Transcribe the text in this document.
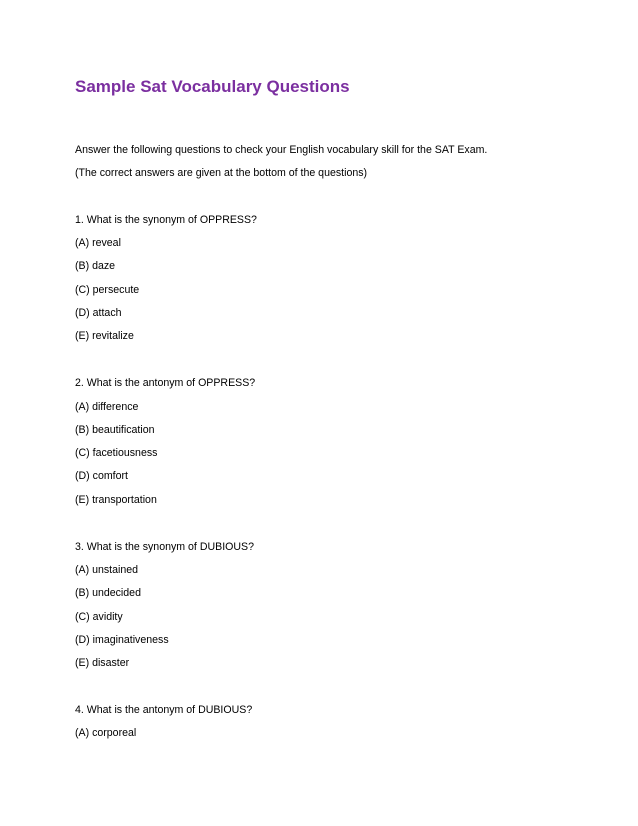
Sample Sat Vocabulary Questions
Answer the following questions to check your English vocabulary skill for the SAT Exam.
(The correct answers are given at the bottom of the questions)
1. What is the synonym of OPPRESS?
(A) reveal
(B) daze
(C) persecute
(D) attach
(E) revitalize
2. What is the antonym of OPPRESS?
(A) difference
(B) beautification
(C) facetiousness
(D) comfort
(E) transportation
3. What is the synonym of DUBIOUS?
(A) unstained
(B) undecided
(C) avidity
(D) imaginativeness
(E) disaster
4. What is the antonym of DUBIOUS?
(A) corporeal
